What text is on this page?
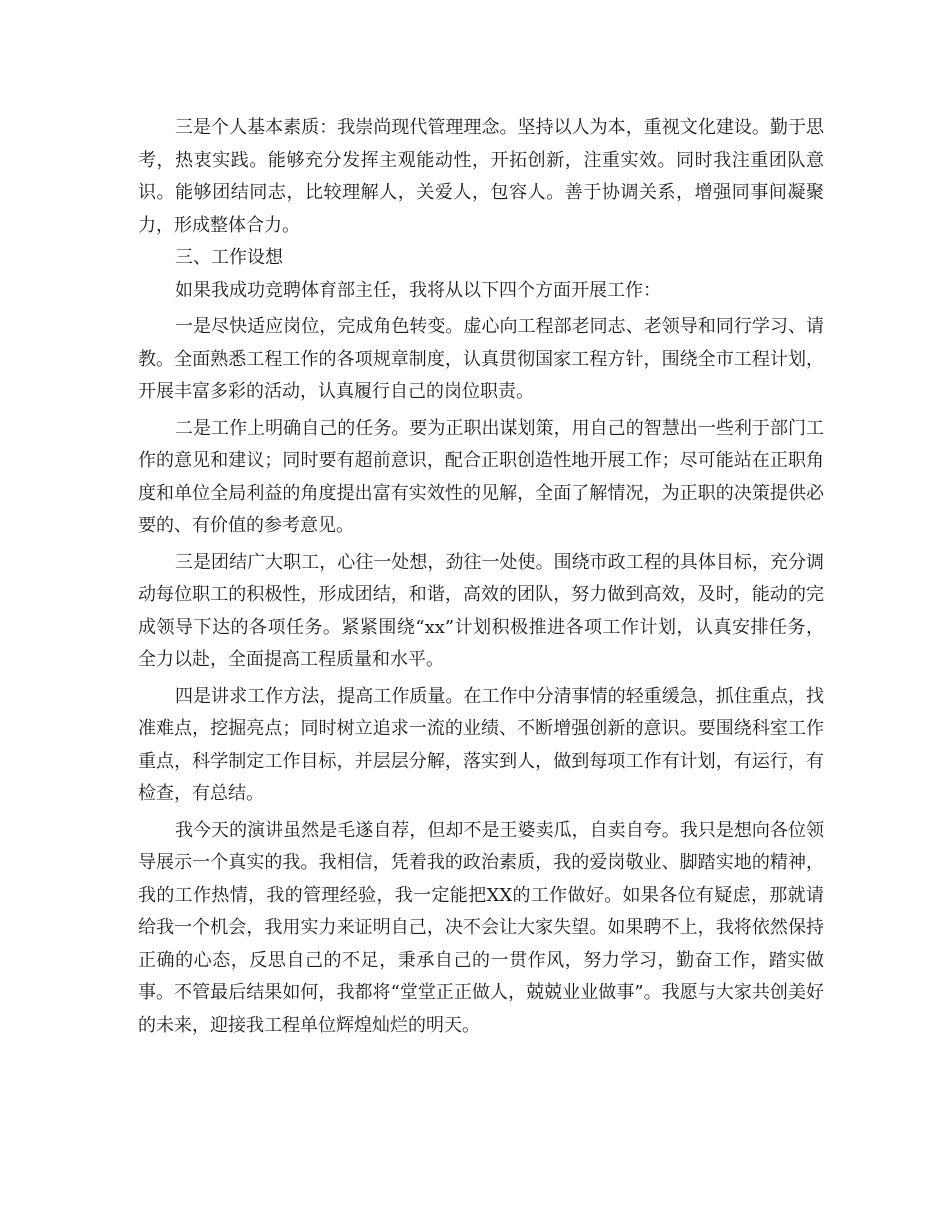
三是个人基本素质：我崇尚现代管理理念。坚持以人为本，重视文化建设。勤于思考，热衷实践。能够充分发挥主观能动性，开拓创新，注重实效。同时我注重团队意识。能够团结同志，比较理解人，关爱人，包容人。善于协调关系，增强同事间凝聚力，形成整体合力。

三、工作设想

如果我成功竞聘体育部主任，我将从以下四个方面开展工作：

一是尽快适应岗位，完成角色转变。虚心向工程部老同志、老领导和同行学习、请教。全面熟悉工程工作的各项规章制度，认真贯彻国家工程方针，围绕全市工程计划，开展丰富多彩的活动，认真履行自己的岗位职责。

二是工作上明确自己的任务。要为正职出谋划策，用自己的智慧出一些利于部门工作的意见和建议；同时要有超前意识，配合正职创造性地开展工作；尽可能站在正职角度和单位全局利益的角度提出富有实效性的见解，全面了解情况，为正职的决策提供必要的、有价值的参考意见。

三是团结广大职工，心往一处想，劲往一处使。围绕市政工程的具体目标，充分调动每位职工的积极性，形成团结，和谐，高效的团队，努力做到高效，及时，能动的完成领导下达的各项任务。紧紧围绕“xx”计划积极推进各项工作计划，认真安排任务，全力以赴，全面提高工程质量和水平。

四是讲求工作方法，提高工作质量。在工作中分清事情的轻重缓急，抓住重点，找准难点，挖掘亮点；同时树立追求一流的业绩、不断增强创新的意识。要围绕科室工作重点，科学制定工作目标，并层层分解，落实到人，做到每项工作有计划，有运行，有检查，有总结。

我今天的演讲虽然是毛遂自荐，但却不是王婆卖瓜，自卖自夸。我只是想向各位领导展示一个真实的我。我相信，凭着我的政治素质，我的爱岗敬业、脚踏实地的精神，我的工作热情，我的管理经验，我一定能把XX的工作做好。如果各位有疑虑，那就请给我一个机会，我用实力来证明自己，决不会让大家失望。如果聘不上，我将依然保持正确的心态，反思自己的不足，秉承自己的一贯作风，努力学习，勤奋工作，踏实做事。不管最后结果如何，我都将“堂堂正正做人，兢兢业业做事”。我愿与大家共创美好的未来，迎接我工程单位辉煌灿烂的明天。
